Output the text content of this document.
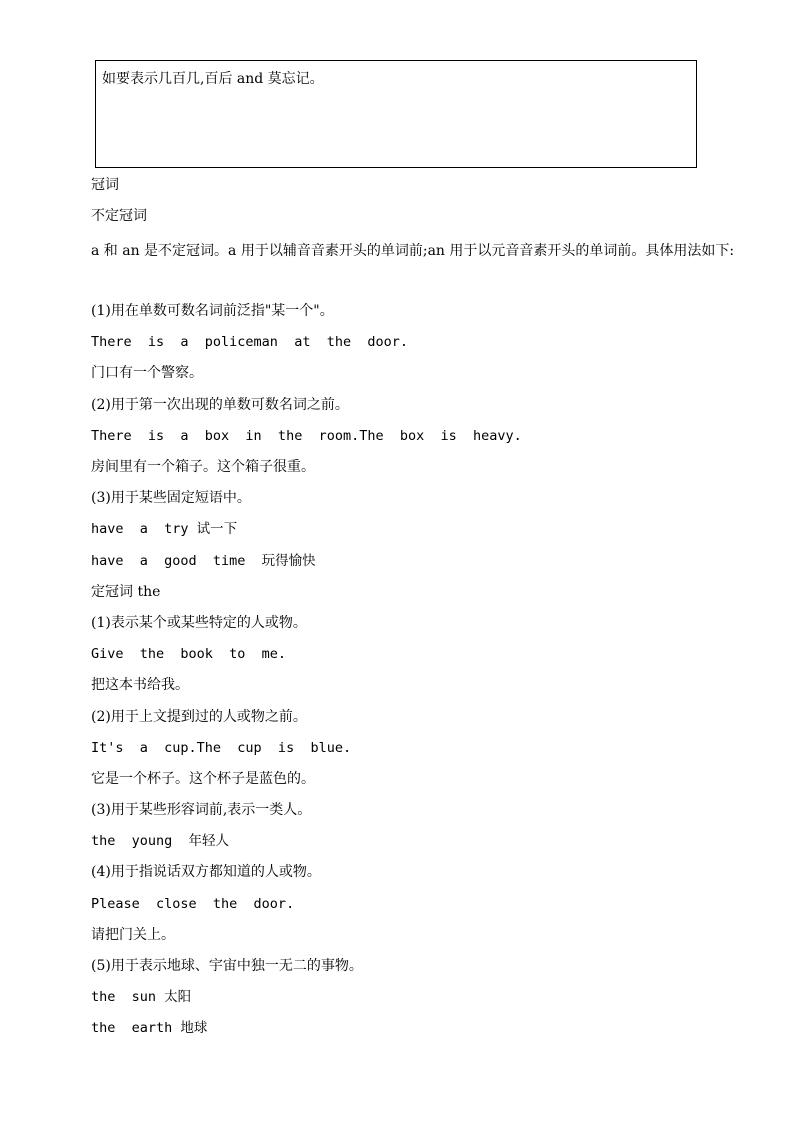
如要表示几百几,百后 and 莫忘记。
冠词
不定冠词
a 和 an 是不定冠词。a 用于以辅音音素开头的单词前;an 用于以元音音素开头的单词前。具体用法如下:
(1)用在单数可数名词前泛指"某一个"。
There  is  a  policeman  at  the  door.
门口有一个警察。
(2)用于第一次出现的单数可数名词之前。
There  is  a  box  in  the  room.The  box  is  heavy.
房间里有一个箱子。这个箱子很重。
(3)用于某些固定短语中。
have  a  try 试一下
have  a  good  time  玩得愉快
定冠词 the
(1)表示某个或某些特定的人或物。
Give  the  book  to  me.
把这本书给我。
(2)用于上文提到过的人或物之前。
It's  a  cup.The  cup  is  blue.
它是一个杯子。这个杯子是蓝色的。
(3)用于某些形容词前,表示一类人。
the  young  年轻人
(4)用于指说话双方都知道的人或物。
Please  close  the  door.
请把门关上。
(5)用于表示地球、宇宙中独一无二的事物。
the  sun 太阳
the  earth 地球
